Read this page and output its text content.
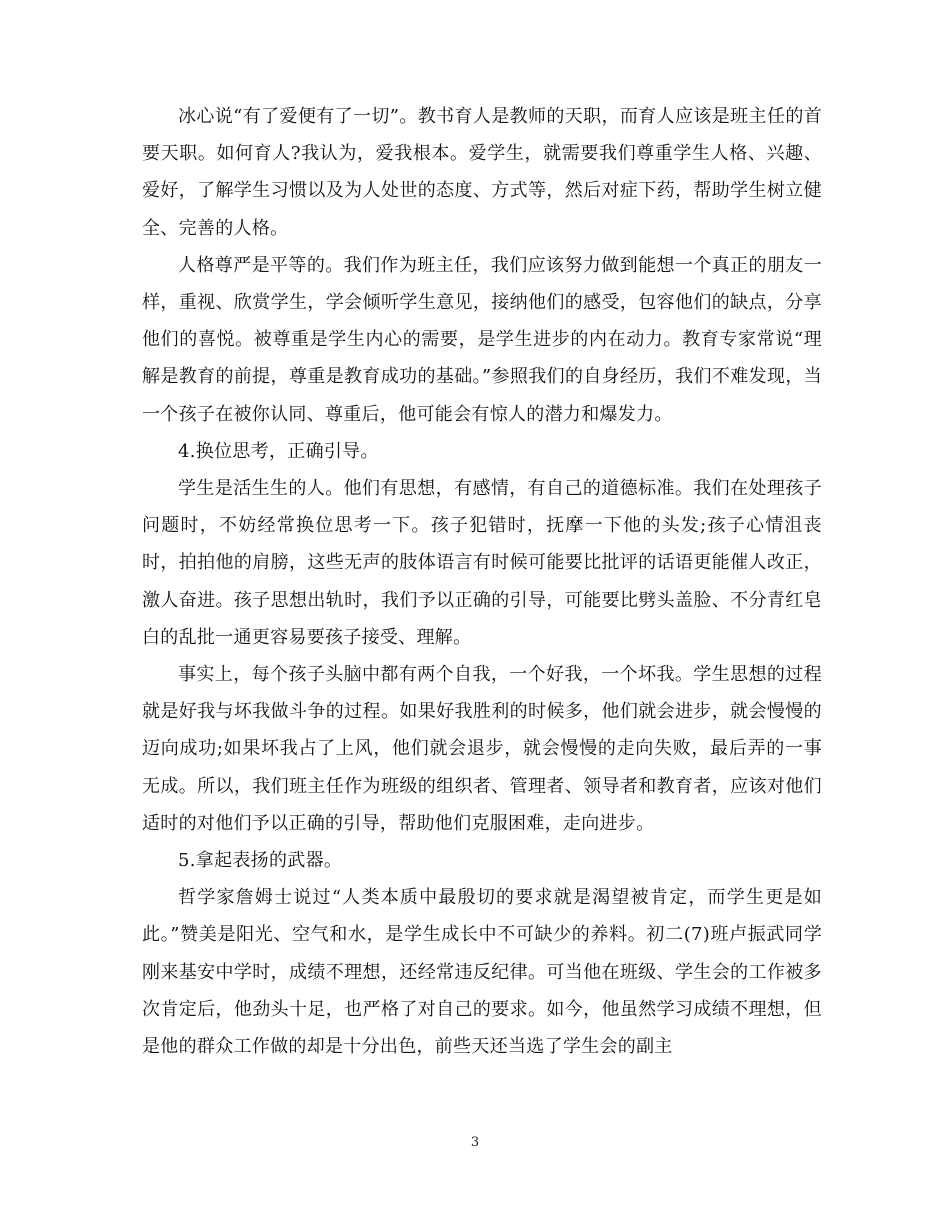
冰心说“有了爱便有了一切”。教书育人是教师的天职，而育人应该是班主任的首要天职。如何育人?我认为，爱我根本。爱学生，就需要我们尊重学生人格、兴趣、爱好，了解学生习惯以及为人处世的态度、方式等，然后对症下药，帮助学生树立健全、完善的人格。

人格尊严是平等的。我们作为班主任，我们应该努力做到能想一个真正的朋友一样，重视、欣赏学生，学会倾听学生意见，接纳他们的感受，包容他们的缺点，分享他们的喜悦。被尊重是学生内心的需要，是学生进步的内在动力。教育专家常说“理解是教育的前提，尊重是教育成功的基础。”参照我们的自身经历，我们不难发现，当一个孩子在被你认同、尊重后，他可能会有惊人的潜力和爆发力。

4.换位思考，正确引导。

学生是活生生的人。他们有思想，有感情，有自己的道德标准。我们在处理孩子问题时，不妨经常换位思考一下。孩子犯错时，抚摩一下他的头发;孩子心情沮丧时，拍拍他的肩膀，这些无声的肢体语言有时候可能要比批评的话语更能催人改正，激人奋进。孩子思想出轨时，我们予以正确的引导，可能要比劈头盖脸、不分青红皂白的乱批一通更容易要孩子接受、理解。

事实上，每个孩子头脑中都有两个自我，一个好我，一个坏我。学生思想的过程就是好我与坏我做斗争的过程。如果好我胜利的时候多，他们就会进步，就会慢慢的迈向成功;如果坏我占了上风，他们就会退步，就会慢慢的走向失败，最后弄的一事无成。所以，我们班主任作为班级的组织者、管理者、领导者和教育者，应该对他们适时的对他们予以正确的引导，帮助他们克服困难，走向进步。

5.拿起表扬的武器。

哲学家詹姆士说过“人类本质中最殷切的要求就是渴望被肯定，而学生更是如此。”赞美是阳光、空气和水，是学生成长中不可缺少的养料。初二(7)班卢振武同学刚来基安中学时，成绩不理想，还经常违反纪律。可当他在班级、学生会的工作被多次肯定后，他劲头十足，也严格了对自己的要求。如今，他虽然学习成绩不理想，但是他的群众工作做的却是十分出色，前些天还当选了学生会的副主

3
